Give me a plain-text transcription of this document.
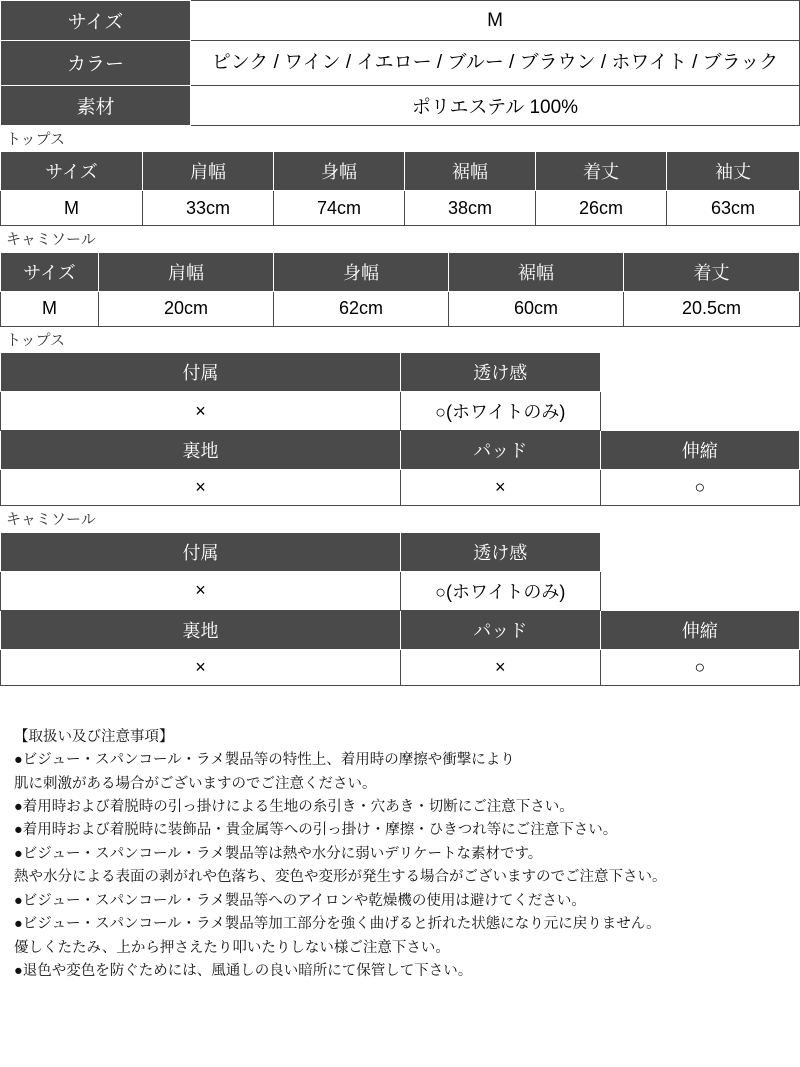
サイズ	M
カラー	ピンク / ワイン / イエロー / ブルー / ブラウン / ホワイト / ブラック
素材	ポリエステル 100%
トップス
サイズ	肩幅	身幅	裾幅	着丈	袖丈
M	33cm	74cm	38cm	26cm	63cm
キャミソール
サイズ	肩幅	身幅	裾幅	着丈
M	20cm	62cm	60cm	20.5cm
トップス
付属	透け感	
×	○(ホワイトのみ)	
裏地	パッド	伸縮
×	×	○
キャミソール
付属	透け感	
×	○(ホワイトのみ)	
裏地	パッド	伸縮
×	×	○
【取扱い及び注意事項】
●ビジュー・スパンコール・ラメ製品等の特性上、着用時の摩擦や衝撃により
肌に刺激がある場合がございますのでご注意ください。
●着用時および着脱時の引っ掛けによる生地の糸引き・穴あき・切断にご注意下さい。
●着用時および着脱時に装飾品・貴金属等への引っ掛け・摩擦・ひきつれ等にご注意下さい。
●ビジュー・スパンコール・ラメ製品等は熱や水分に弱いデリケートな素材です。
熱や水分による表面の剥がれや色落ち、変色や変形が発生する場合がございますのでご注意下さい。
●ビジュー・スパンコール・ラメ製品等へのアイロンや乾燥機の使用は避けてください。
●ビジュー・スパンコール・ラメ製品等加工部分を強く曲げると折れた状態になり元に戻りません。
優しくたたみ、上から押さえたり叩いたりしない様ご注意下さい。
●退色や変色を防ぐためには、風通しの良い暗所にて保管して下さい。
